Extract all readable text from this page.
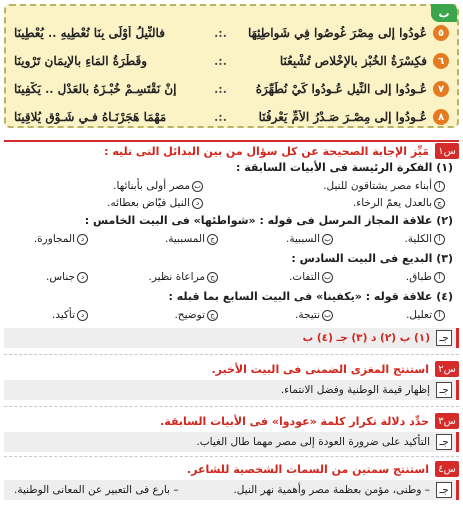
ب
٥
عُودُوا إلى مِصْرَ غُوصُوا فِي شَواطِئِهَا
.:.
فالنِّيلُ أَوْلَى بِنَا نُعْطِيهِ .. يُعْطِينَا
٦
فكِسْرَةُ الخُبْزِ بالإخْلاصِ تُشْبِعُنَا
.:.
وقَطْرَةُ المَاءِ بالإِيمَانِ تَرْوِينَا
٧
عُـودُوا إلى النِّيلِ عُـودُوا كَيْ نُطَهِّرَهُ
.:.
إنْ نَقْتَسِـمْ خُبْـزَهُ بالعَدْلِ .. يَكْفِينَا
٨
عُـودُوا إلى مِصْـرَ صَـدْرُ الأُمِّ يَعْرِفُنَا
.:.
مَهْمَا هَجَرْنَـاهُ فـي شَـوْقٍ يُلاقِينَا
س١
مَيِّز الإجابة الصحيحة عن كل سؤال من بين البدائل التى تليه :
(١) الفكرة الرئيسة فى الأبيات السابقة :
أأبناء مصر يشتاقون للنيل.
بمصر أولى بأبنائها.
جبالعدل يعمّ الرخاء.
دالنيل فيّاض بعطائه.
(٢) علاقة المجاز المرسل فى قوله : «شواطئها» فى البيت الخامس :
أالكلية.
بالسببية.
جالمسببية.
دالمجاورة.
(٣) البديع فى البيت السادس :
أطباق.
بالتفات.
جمراعاة نظير.
دجناس.
(٤) علاقة قوله : «يكفينا» فى البيت السابع بما قبله :
أتعليل.
بنتيجة.
جتوضيح.
دتأكيد.
جـ
(١) ب (٢) د (٣) جـ (٤) ب
س٢
استنتج المغزى الضمنى فى البيت الأخير.
جـ
إظهار قيمة الوطنية وفضل الانتماء.
س٣
حدِّد دلالة تكرار كلمة «عودوا» فى الأبيات السابقة.
جـ
التأكيد على ضرورة العودة إلى مصر مهما طال الغياب.
س٤
استنتج سمتين من السمات الشخصية للشاعر.
جـ
– وطنى، مؤمن بعظمة مصر وأهمية نهر النيل.
– بارع فى التعبير عن المعانى الوطنية.
